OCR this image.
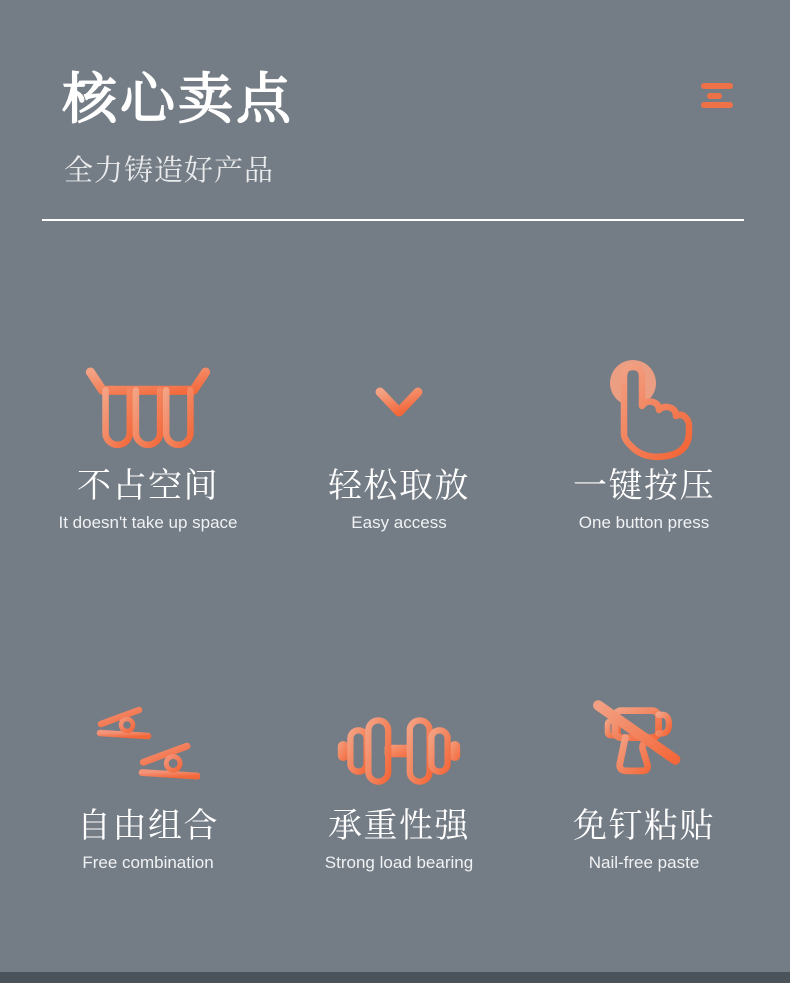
核心卖点
全力铸造好产品
不占空间
It doesn't take up space
轻松取放
Easy access
一键按压
One button press
自由组合
Free combination
承重性强
Strong load bearing
免钉粘贴
Nail-free paste
